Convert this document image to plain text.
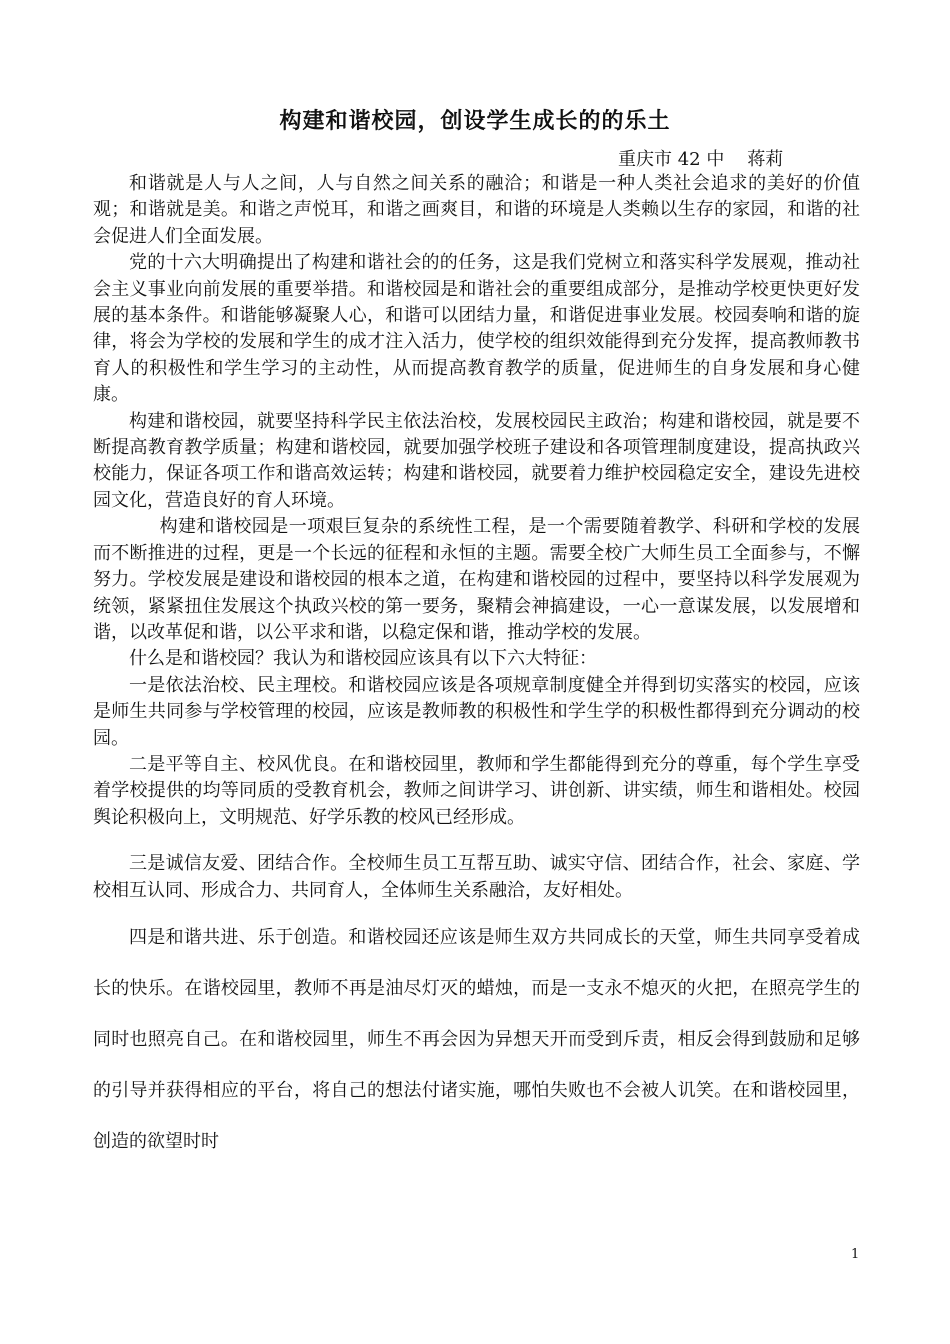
构建和谐校园，创设学生成长的的乐土
重庆市 42 中    蒋莉

和谐就是人与人之间，人与自然之间关系的融洽；和谐是一种人类社会追求的美好的价值观；和谐就是美。和谐之声悦耳，和谐之画爽目，和谐的环境是人类赖以生存的家园，和谐的社会促进人们全面发展。

党的十六大明确提出了构建和谐社会的的任务，这是我们党树立和落实科学发展观，推动社会主义事业向前发展的重要举措。和谐校园是和谐社会的重要组成部分，是推动学校更快更好发展的基本条件。和谐能够凝聚人心，和谐可以团结力量，和谐促进事业发展。校园奏响和谐的旋律，将会为学校的发展和学生的成才注入活力，使学校的组织效能得到充分发挥，提高教师教书育人的积极性和学生学习的主动性，从而提高教育教学的质量，促进师生的自身发展和身心健康。

构建和谐校园，就要坚持科学民主依法治校，发展校园民主政治；构建和谐校园，就是要不断提高教育教学质量；构建和谐校园，就要加强学校班子建设和各项管理制度建设，提高执政兴校能力，保证各项工作和谐高效运转；构建和谐校园，就要着力维护校园稳定安全，建设先进校园文化，营造良好的育人环境。

构建和谐校园是一项艰巨复杂的系统性工程，是一个需要随着教学、科研和学校的发展而不断推进的过程，更是一个长远的征程和永恒的主题。需要全校广大师生员工全面参与，不懈努力。学校发展是建设和谐校园的根本之道，在构建和谐校园的过程中，要坚持以科学发展观为统领，紧紧扭住发展这个执政兴校的第一要务，聚精会神搞建设，一心一意谋发展，以发展增和谐，以改革促和谐，以公平求和谐，以稳定保和谐，推动学校的发展。

什么是和谐校园？我认为和谐校园应该具有以下六大特征：

一是依法治校、民主理校。和谐校园应该是各项规章制度健全并得到切实落实的校园，应该是师生共同参与学校管理的校园，应该是教师教的积极性和学生学的积极性都得到充分调动的校园。

二是平等自主、校风优良。在和谐校园里，教师和学生都能得到充分的尊重，每个学生享受着学校提供的均等同质的受教育机会，教师之间讲学习、讲创新、讲实绩，师生和谐相处。校园舆论积极向上，文明规范、好学乐教的校风已经形成。

三是诚信友爱、团结合作。全校师生员工互帮互助、诚实守信、团结合作，社会、家庭、学校相互认同、形成合力、共同育人，全体师生关系融洽，友好相处。

四是和谐共进、乐于创造。和谐校园还应该是师生双方共同成长的天堂，师生共同享受着成长的快乐。在谐校园里，教师不再是油尽灯灭的蜡烛，而是一支永不熄灭的火把，在照亮学生的同时也照亮自己。在和谐校园里，师生不再会因为异想天开而受到斥责，相反会得到鼓励和足够的引导并获得相应的平台，将自己的想法付诸实施，哪怕失败也不会被人讥笑。在和谐校园里，创造的欲望时时

1
